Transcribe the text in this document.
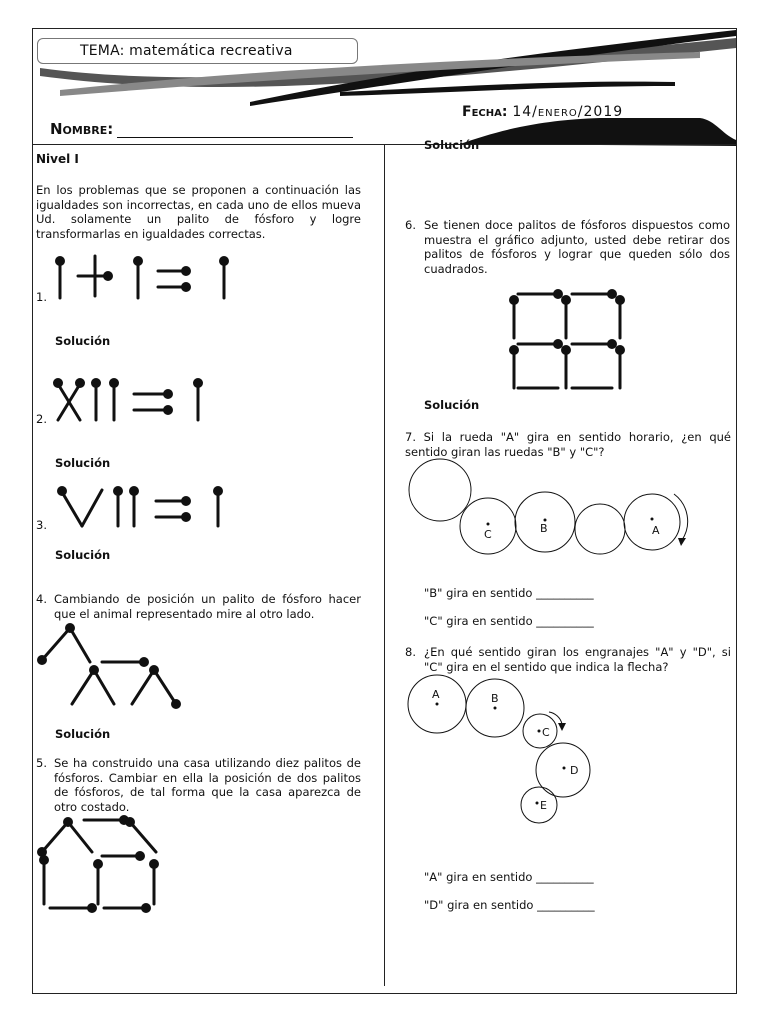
TEMA: matemática recreativa
Fecha: 14/enero/2019
Nombre:
Nivel I
En los problemas que se proponen a continuación las igualdades son incorrectas, en cada uno de ellos mueva Ud. solamente un palito de fósforo y logre transformarlas en igualdades correctas.
1.
Solución
2.
Solución
3.
Solución
4. Cambiando de posición un palito de fósforo hacer que el animal representado mire al otro lado.
Solución
5. Se ha construido una casa utilizando diez palitos de fósforos. Cambiar en ella la posición de dos palitos de fósforos, de tal forma que la casa aparezca de otro costado.
Solución
6. Se tienen doce palitos de fósforos dispuestos como muestra el gráfico adjunto, usted debe retirar dos palitos de fósforos y lograr que queden sólo dos cuadrados.
Solución
7. Si la rueda "A" gira en sentido horario, ¿en qué sentido giran las ruedas "B" y "C"?
C	B	A
"B" gira en sentido __________
"C" gira en sentido __________
8. ¿En qué sentido giran los engranajes "A" y "D", si "C" gira en el sentido que indica la flecha?
A	B
C
D
E
"A" gira en sentido __________
"D" gira en sentido __________
